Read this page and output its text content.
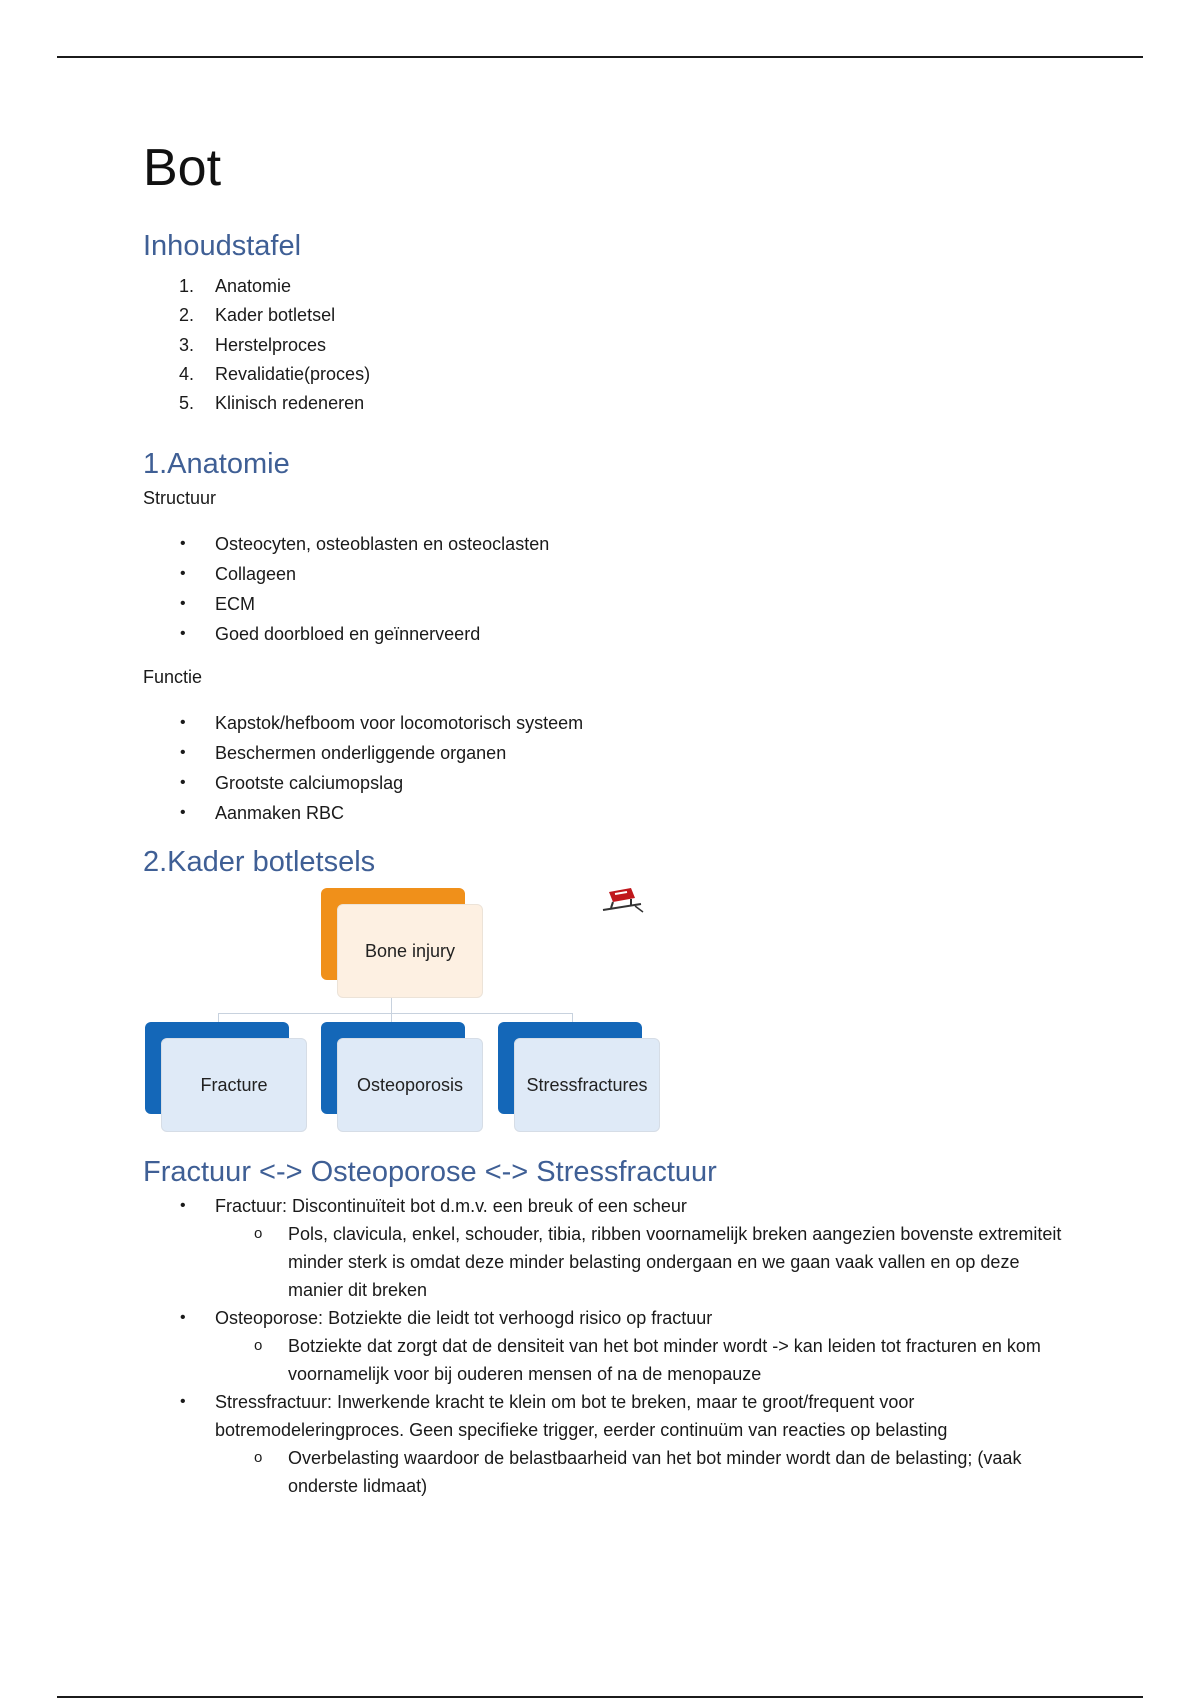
Bot
Inhoudstafel
1. Anatomie
2. Kader botletsel
3. Herstelproces
4. Revalidatie(proces)
5. Klinisch redeneren
1.Anatomie

Structuur

• Osteocyten, osteoblasten en osteoclasten
• Collageen
• ECM
• Goed doorbloed en geïnnerveerd

Functie

• Kapstok/hefboom voor locomotorisch systeem
• Beschermen onderliggende organen
• Grootste calciumopslag
• Aanmaken RBC
2.Kader botletsels
Bone injury
Fracture	Osteoporosis	Stressfractures
Fractuur <-> Osteoporose <-> Stressfractuur
• Fractuur: Discontinuïteit bot d.m.v. een breuk of een scheur
o Pols, clavicula, enkel, schouder, tibia, ribben voornamelijk breken aangezien bovenste extremiteit minder sterk is omdat deze minder belasting ondergaan en we gaan vaak vallen en op deze manier dit breken
• Osteoporose: Botziekte die leidt tot verhoogd risico op fractuur
o Botziekte dat zorgt dat de densiteit van het bot minder wordt -> kan leiden tot fracturen en kom voornamelijk voor bij ouderen mensen of na de menopauze
• Stressfractuur: Inwerkende kracht te klein om bot te breken, maar te groot/frequent voor botremodeleringproces. Geen specifieke trigger, eerder continuüm van reacties op belasting
o Overbelasting waardoor de belastbaarheid van het bot minder wordt dan de belasting; (vaak onderste lidmaat)
